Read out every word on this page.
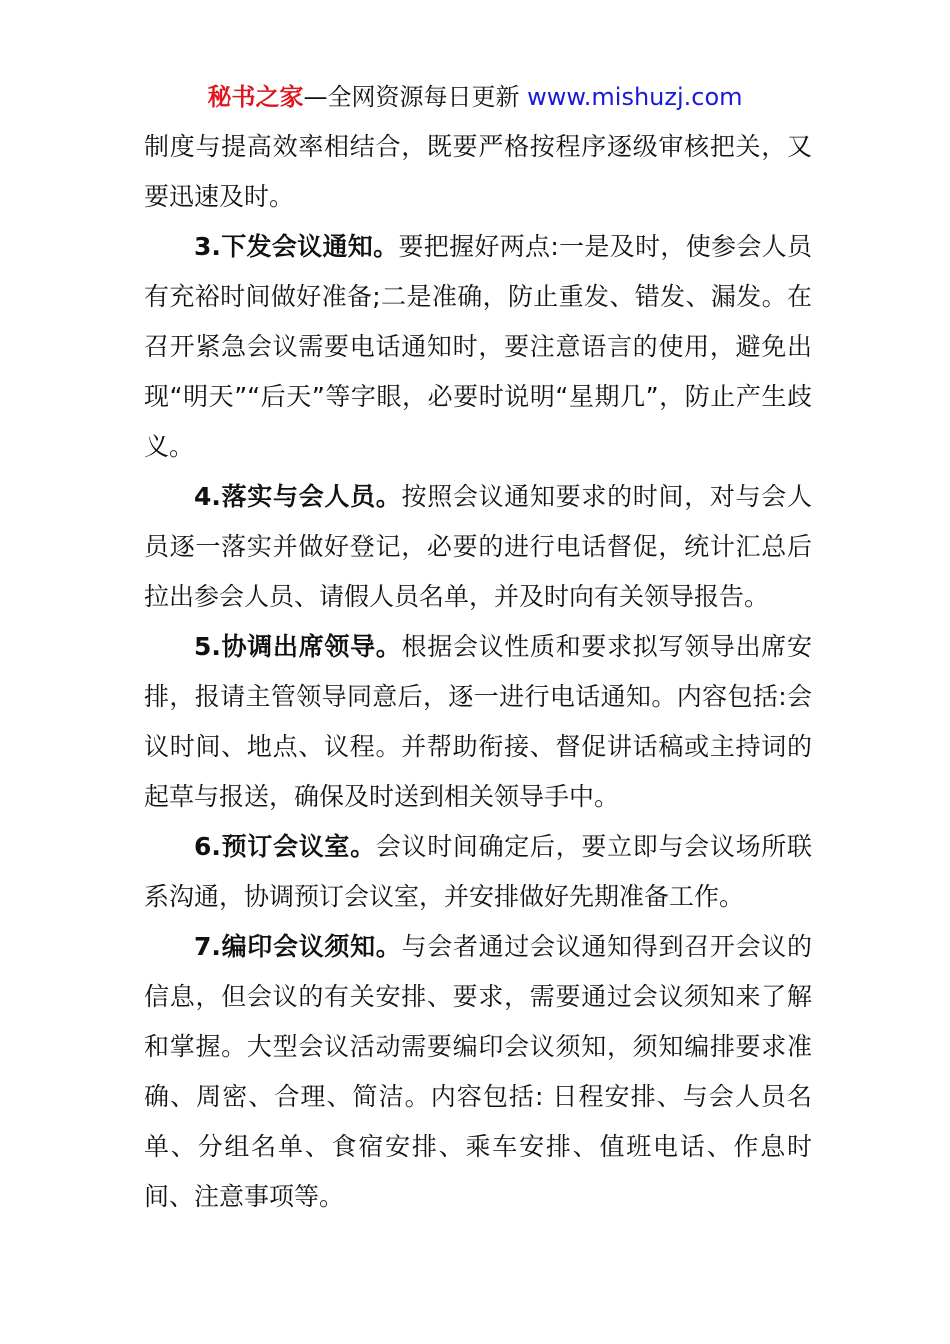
秘书之家—全网资源每日更新 www.mishuzj.com

制度与提高效率相结合，既要严格按程序逐级审核把关，又要迅速及时。

3.下发会议通知。要把握好两点:一是及时，使参会人员有充裕时间做好准备;二是准确，防止重发、错发、漏发。在召开紧急会议需要电话通知时，要注意语言的使用，避免出现“明天”“后天”等字眼，必要时说明“星期几”，防止产生歧义。

4.落实与会人员。按照会议通知要求的时间，对与会人员逐一落实并做好登记，必要的进行电话督促，统计汇总后拉出参会人员、请假人员名单，并及时向有关领导报告。

5.协调出席领导。根据会议性质和要求拟写领导出席安排，报请主管领导同意后，逐一进行电话通知。内容包括:会议时间、地点、议程。并帮助衔接、督促讲话稿或主持词的起草与报送，确保及时送到相关领导手中。

6.预订会议室。会议时间确定后，要立即与会议场所联系沟通，协调预订会议室，并安排做好先期准备工作。

7.编印会议须知。与会者通过会议通知得到召开会议的信息，但会议的有关安排、要求，需要通过会议须知来了解和掌握。大型会议活动需要编印会议须知，须知编排要求准确、周密、合理、简洁。内容包括: 日程安排、与会人员名单、分组名单、食宿安排、乘车安排、值班电话、作息时间、注意事项等。
